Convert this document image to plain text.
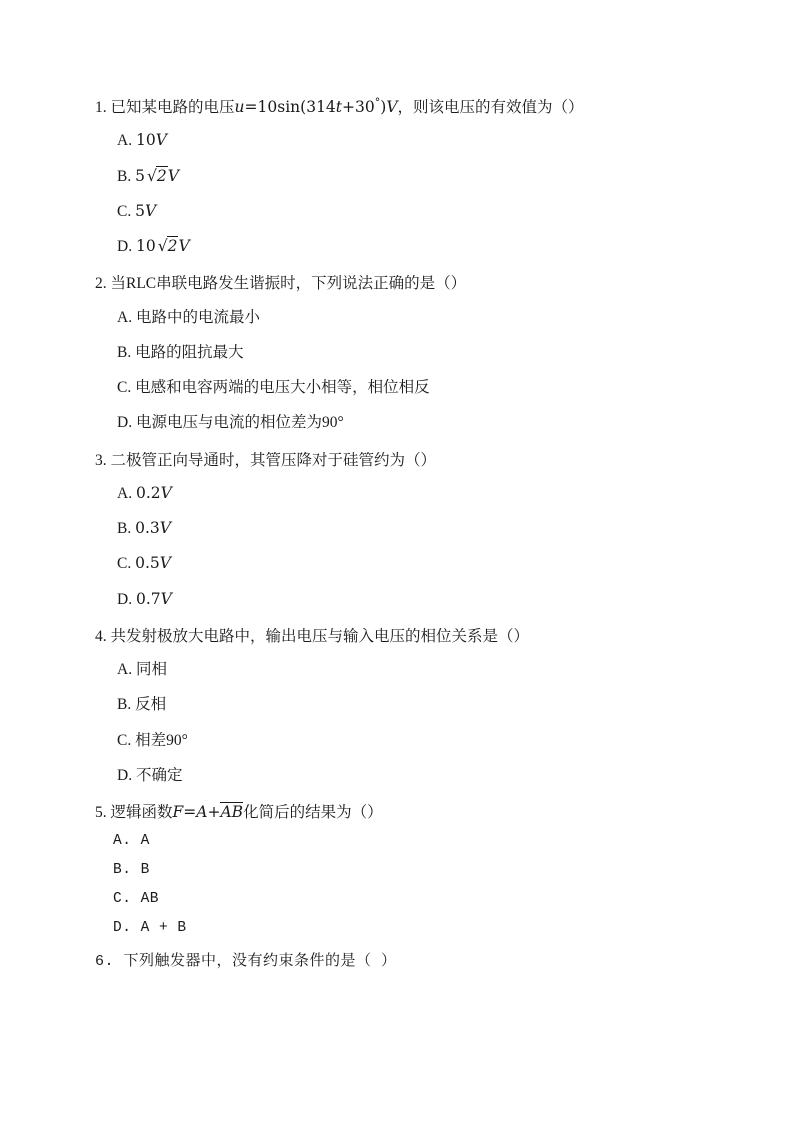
1. 已知某电路的电压u=10sin(314t+30°)V，则该电压的有效值为（）
A. 10V
B. 5 √2V
C. 5V
D. 10 √2V
2. 当RLC串联电路发生谐振时，下列说法正确的是（）
A. 电路中的电流最小
B. 电路的阻抗最大
C. 电感和电容两端的电压大小相等，相位相反
D. 电源电压与电流的相位差为90°
3. 二极管正向导通时，其管压降对于硅管约为（）
A. 0.2V
B. 0.3V
C. 0.5V
D. 0.7V
4. 共发射极放大电路中，输出电压与输入电压的相位关系是（）
A. 同相
B. 反相
C. 相差90°
D. 不确定
5. 逻辑函数F=A+AB化简后的结果为（）
A. A
B. B
C. AB
D. A + B
6. 下列触发器中，没有约束条件的是（ ）
